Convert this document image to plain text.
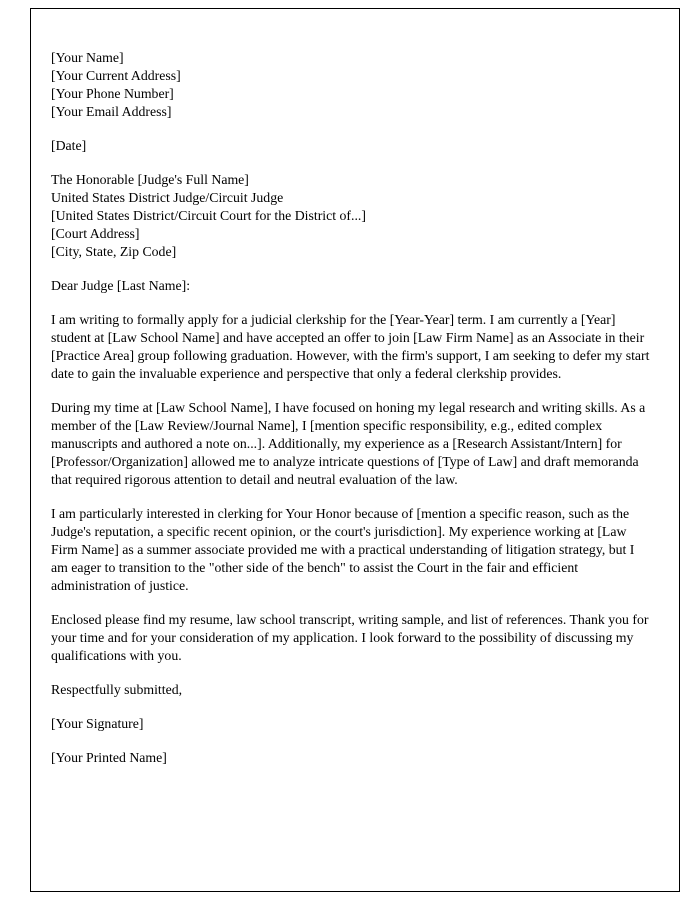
[Your Name]
[Your Current Address]
[Your Phone Number]
[Your Email Address]
[Date]
The Honorable [Judge's Full Name]
United States District Judge/Circuit Judge
[United States District/Circuit Court for the District of...]
[Court Address]
[City, State, Zip Code]
Dear Judge [Last Name]:
I am writing to formally apply for a judicial clerkship for the [Year-Year] term. I am currently a [Year] student at [Law School Name] and have accepted an offer to join [Law Firm Name] as an Associate in their [Practice Area] group following graduation. However, with the firm's support, I am seeking to defer my start date to gain the invaluable experience and perspective that only a federal clerkship provides.
During my time at [Law School Name], I have focused on honing my legal research and writing skills. As a member of the [Law Review/Journal Name], I [mention specific responsibility, e.g., edited complex manuscripts and authored a note on...]. Additionally, my experience as a [Research Assistant/Intern] for [Professor/Organization] allowed me to analyze intricate questions of [Type of Law] and draft memoranda that required rigorous attention to detail and neutral evaluation of the law.
I am particularly interested in clerking for Your Honor because of [mention a specific reason, such as the Judge's reputation, a specific recent opinion, or the court's jurisdiction]. My experience working at [Law Firm Name] as a summer associate provided me with a practical understanding of litigation strategy, but I am eager to transition to the "other side of the bench" to assist the Court in the fair and efficient administration of justice.
Enclosed please find my resume, law school transcript, writing sample, and list of references. Thank you for your time and for your consideration of my application. I look forward to the possibility of discussing my qualifications with you.
Respectfully submitted,
[Your Signature]
[Your Printed Name]
